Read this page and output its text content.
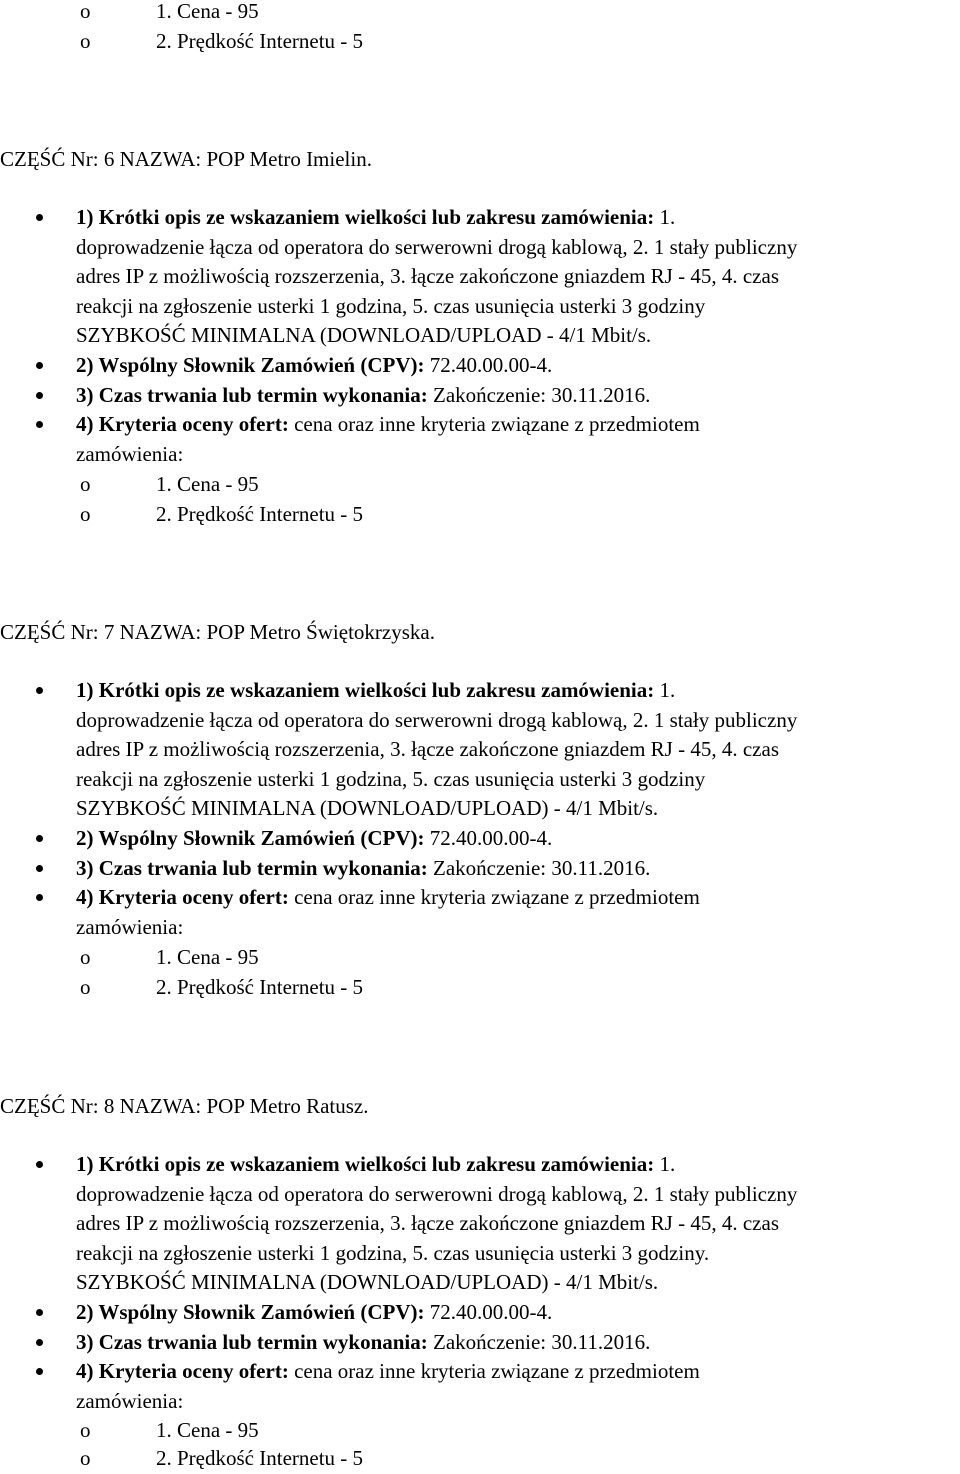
o	1. Cena - 95
o	2. Prędkość Internetu - 5
CZĘŚĆ Nr: 6 NAZWA: POP Metro Imielin.
1) Krótki opis ze wskazaniem wielkości lub zakresu zamówienia: 1.
doprowadzenie łącza od operatora do serwerowni drogą kablową, 2. 1 stały publiczny
adres IP z możliwością rozszerzenia, 3. łącze zakończone gniazdem RJ - 45, 4. czas
reakcji na zgłoszenie usterki 1 godzina, 5. czas usunięcia usterki 3 godziny
SZYBKOŚĆ MINIMALNA (DOWNLOAD/UPLOAD - 4/1 Mbit/s.
2) Wspólny Słownik Zamówień (CPV): 72.40.00.00-4.
3) Czas trwania lub termin wykonania: Zakończenie: 30.11.2016.
4) Kryteria oceny ofert: cena oraz inne kryteria związane z przedmiotem
zamówienia:
o	1. Cena - 95
o	2. Prędkość Internetu - 5
CZĘŚĆ Nr: 7 NAZWA: POP Metro Świętokrzyska.
1) Krótki opis ze wskazaniem wielkości lub zakresu zamówienia: 1.
doprowadzenie łącza od operatora do serwerowni drogą kablową, 2. 1 stały publiczny
adres IP z możliwością rozszerzenia, 3. łącze zakończone gniazdem RJ - 45, 4. czas
reakcji na zgłoszenie usterki 1 godzina, 5. czas usunięcia usterki 3 godziny
SZYBKOŚĆ MINIMALNA (DOWNLOAD/UPLOAD) - 4/1 Mbit/s.
2) Wspólny Słownik Zamówień (CPV): 72.40.00.00-4.
3) Czas trwania lub termin wykonania: Zakończenie: 30.11.2016.
4) Kryteria oceny ofert: cena oraz inne kryteria związane z przedmiotem
zamówienia:
o	1. Cena - 95
o	2. Prędkość Internetu - 5
CZĘŚĆ Nr: 8 NAZWA: POP Metro Ratusz.
1) Krótki opis ze wskazaniem wielkości lub zakresu zamówienia: 1.
doprowadzenie łącza od operatora do serwerowni drogą kablową, 2. 1 stały publiczny
adres IP z możliwością rozszerzenia, 3. łącze zakończone gniazdem RJ - 45, 4. czas
reakcji na zgłoszenie usterki 1 godzina, 5. czas usunięcia usterki 3 godziny.
SZYBKOŚĆ MINIMALNA (DOWNLOAD/UPLOAD) - 4/1 Mbit/s.
2) Wspólny Słownik Zamówień (CPV): 72.40.00.00-4.
3) Czas trwania lub termin wykonania: Zakończenie: 30.11.2016.
4) Kryteria oceny ofert: cena oraz inne kryteria związane z przedmiotem
zamówienia:
o	1. Cena - 95
o	2. Prędkość Internetu - 5
